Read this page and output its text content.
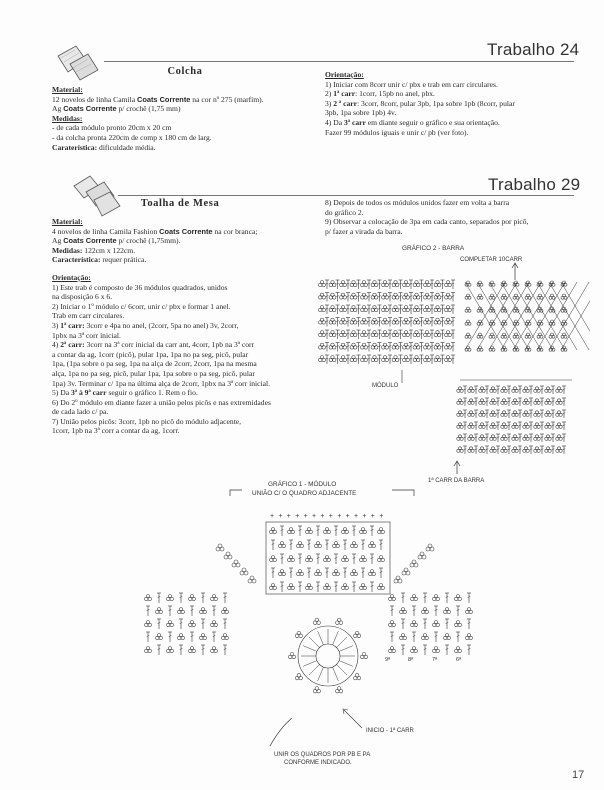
Trabalho 24
Colcha
Material:
12 novelos de linha Camila Coats Corrente na cor nº 275 (marfim).
Ag Coats Corrente p/ crochê (1,75 mm)
Medidas:
- de cada módulo pronto 20cm x 20 cm
- da colcha pronta 220cm de comp x 180 cm de larg.
Caraterística: dificuldade média.
Orientação:
1) Iniciar com 8corr unir c/ pbx e trab em carr circulares.
2) 1ª carr: 1corr, 15pb no anel, pbx.
3) 2 ª carr: 3corr, 8corr, pular 3pb, 1pa sobre 1pb (8corr, pular
3pb, 1pa sobre 1pb) 4v.
4) Da 3ª carr em diante seguir o gráfico e sua orientação.
Fazer 99 módulos iguais e unir c/ pb (ver foto).
Trabalho 29
Toalha de Mesa
Material:
4 novelos de linha Camila Fashion Coats Corrente na cor branca;
Ag Coats Corrente p/ crochê (1,75mm).
Medidas: 122cm x 122cm.
Característica: requer prática.
Orientação:
1) Este trab é composto de 36 módulos quadrados, unidos
na disposição 6 x 6.
2) Iniciar o 1º módulo c/ 6corr, unir c/ pbx e formar 1 anel.
Trab em carr circulares.
3) 1ª carr: 3corr e 4pa no anel, (2corr, 5pa no anel) 3v, 2corr,
1pbx na 3ª corr inicial.
4) 2ª carr: 3corr na 3ª corr inicial da carr ant, 4corr, 1pb na 3ª corr
a contar da ag, 1corr (picô), pular 1pa, 1pa no pa seg, picô, pular
1pa, (1pa sobre o pa seg, 1pa na alça de 2corr, 2corr, 1pa na mesma
alça, 1pa no pa seg, picô, pular 1pa, 1pa sobre o pa seg, picô, pular
1pa) 3v. Terminar c/ 1pa na última alça de 2corr, 1pbx na 3ª corr inicial.
5) Da 3ª à 9ª carr seguir o gráfico 1. Rem o fio.
6) Do 2º módulo em diante fazer a união pelos picôs e nas extremidades
de cada lado c/ pa.
7) União pelos picôs: 3corr, 1pb no picô do módulo adjacente,
1corr, 1pb na 3ª corr a contar da ag, 1corr.
8) Depois de todos os módulos unidos fazer em volta a barra
do gráfico 2.
9) Observar a colocação de 3pa em cada canto, separados por picô,
p/ fazer a virada da barra.
GRÁFICO 2 - BARRA
COMPLETAR 10CARR
MÓDULO
1ª CARR DA BARRA
GRÁFICO 1 - MÓDULO
UNIÃO C/ O QUADRO ADJACENTE
+ + + + + + + + + + + + + +
INICIO - 1ª CARR
9ª	8ª	7ª	6ª
UNIR OS QUADROS POR PB E PA
CONFORME INDICADO.
17
